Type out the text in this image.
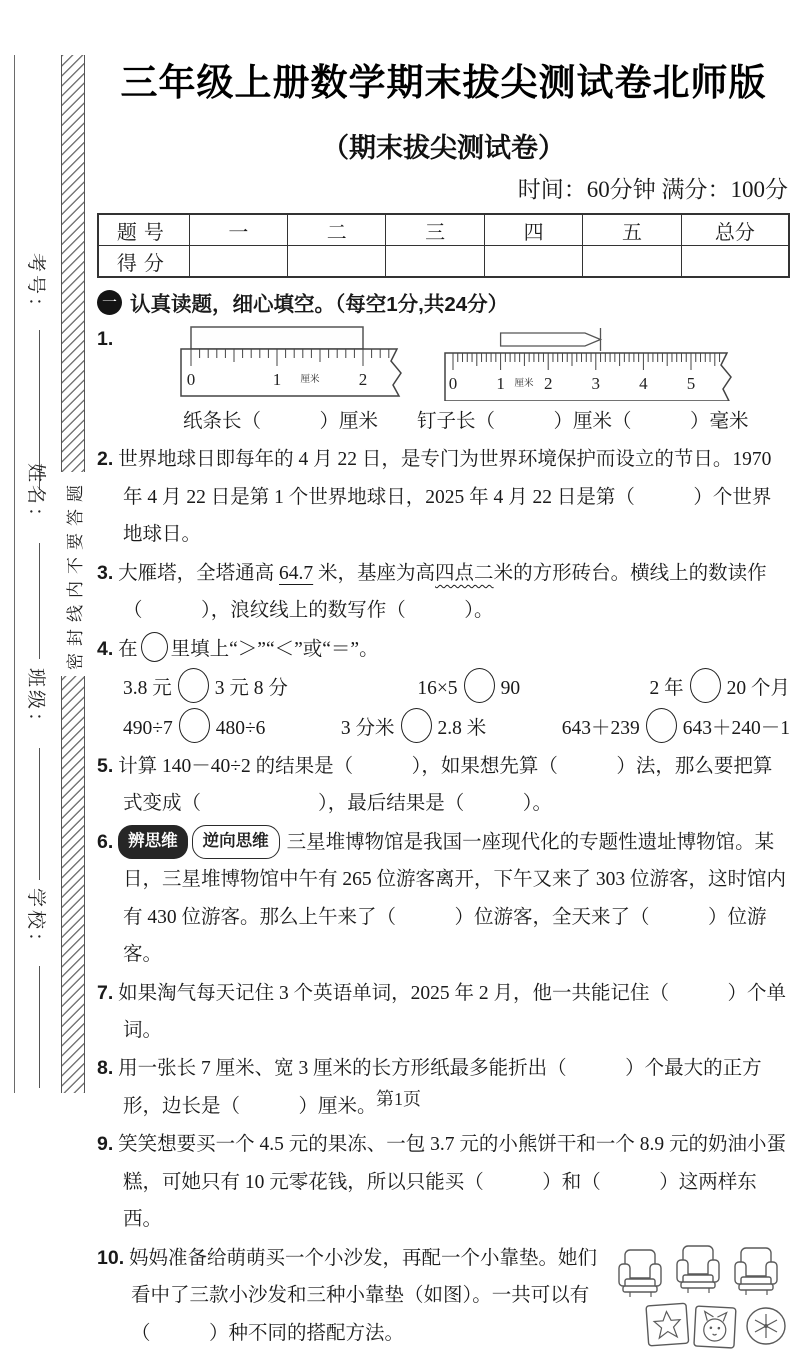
考号：
姓名：
班级：
学校：
密封线内不要答题
三年级上册数学期末拔尖测试卷北师版
（期末拔尖测试卷）
时间：60分钟 满分：100分
题号	一	二	三	四	五	总分
得分						
一 认真读题，细心填空。（每空1分,共24分）
1.
0	1	2
厘米	0 1 2 3 4 5
厘米
纸条长（　　　）厘米　　钉子长（　　　）厘米（　　　）毫米
2. 世界地球日即每年的 4 月 22 日，是专门为世界环境保护而设立的节日。1970 年 4 月 22 日是第 1 个世界地球日，2025 年 4 月 22 日是第（　　　）个世界地球日。
3. 大雁塔，全塔通高 64.7 米，基座为高四点二米的方形砖台。横线上的数读作（　　　），浪纹线上的数写作（　　　）。
4. 在 里填上“＞”“＜”或“＝”。
3.8 元 3 元 8 分	16×5 90	2 年 20 个月
490÷7 480÷6	3 分米 2.8 米	643＋239 643＋240－1
5. 计算 140－40÷2 的结果是（　　　），如果想先算（　　　）法，那么要把算式变成（　　　　　　），最后结果是（　　　）。
6. 辨思维 逆向思维 三星堆博物馆是我国一座现代化的专题性遗址博物馆。某日，三星堆博物馆中午有 265 位游客离开，下午又来了 303 位游客，这时馆内有 430 位游客。那么上午来了（　　　）位游客，全天来了（　　　）位游客。
7. 如果淘气每天记住 3 个英语单词，2025 年 2 月，他一共能记住（　　　）个单词。
8. 用一张长 7 厘米、宽 3 厘米的长方形纸最多能折出（　　　）个最大的正方形，边长是（　　　）厘米。
9. 笑笑想要买一个 4.5 元的果冻、一包 3.7 元的小熊饼干和一个 8.9 元的奶油小蛋糕，可她只有 10 元零花钱，所以只能买（　　　）和（　　　）这两样东西。
10. 妈妈准备给萌萌买一个小沙发，再配一个小靠垫。她们看中了三款小沙发和三种小靠垫（如图）。一共可以有（　　　）种不同的搭配方法。
第1页
